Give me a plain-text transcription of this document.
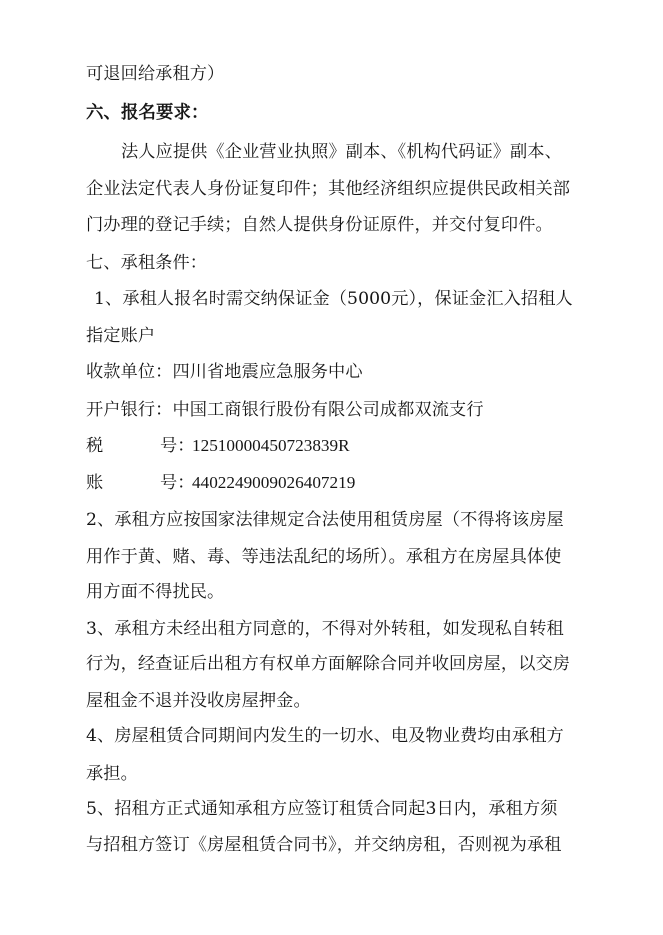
可退回给承租方）
六、报名要求：
法人应提供《企业营业执照》副本、《机构代码证》副本、
企业法定代表人身份证复印件；其他经济组织应提供民政相关部
门办理的登记手续；自然人提供身份证原件，并交付复印件。
七、承租条件：
1、承租人报名时需交纳保证金（5000元），保证金汇入招租人
指定账户
收款单位：四川省地震应急服务中心
开户银行：中国工商银行股份有限公司成都双流支行
税	号：
12510000450723839R
账	号：
4402249009026407219
2、承租方应按国家法律规定合法使用租赁房屋（不得将该房屋
用作于黄、赌、毒、等违法乱纪的场所）。承租方在房屋具体使
用方面不得扰民。
3、承租方未经出租方同意的，不得对外转租，如发现私自转租
行为，经查证后出租方有权单方面解除合同并收回房屋，以交房
屋租金不退并没收房屋押金。
4、房屋租赁合同期间内发生的一切水、电及物业费均由承租方
承担。
5、招租方正式通知承租方应签订租赁合同起3日内，承租方须
与招租方签订《房屋租赁合同书》，并交纳房租，否则视为承租
